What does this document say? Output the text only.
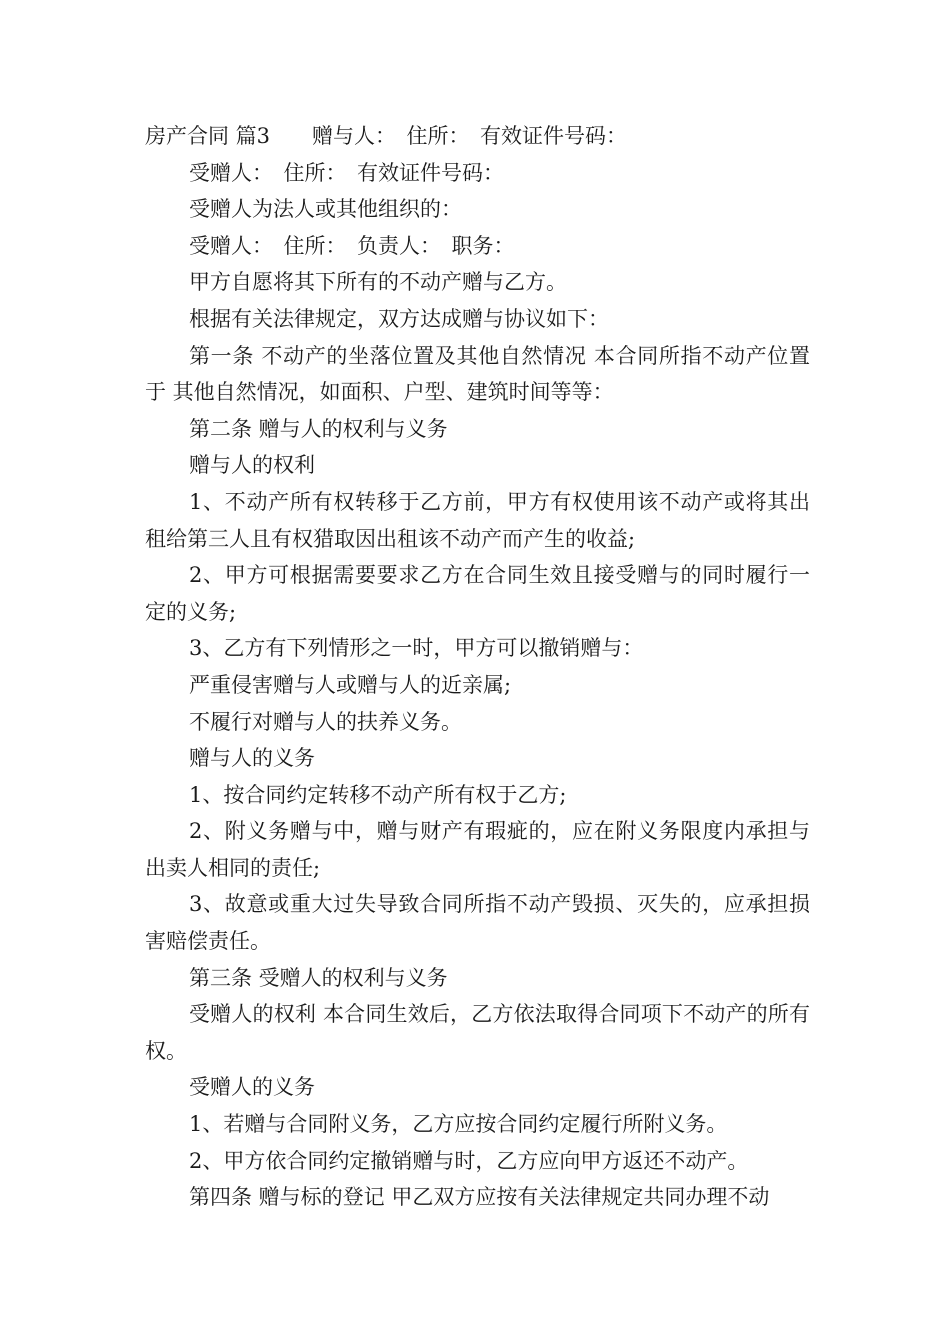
房产合同 篇3　　赠与人：　住所：　有效证件号码：

受赠人：　住所：　有效证件号码：

受赠人为法人或其他组织的：

受赠人：　住所：　负责人：　职务：

甲方自愿将其下所有的不动产赠与乙方。

根据有关法律规定，双方达成赠与协议如下：

第一条 不动产的坐落位置及其他自然情况 本合同所指不动产位置于 其他自然情况，如面积、户型、建筑时间等等：

第二条 赠与人的权利与义务

赠与人的权利

1、不动产所有权转移于乙方前，甲方有权使用该不动产或将其出租给第三人且有权猎取因出租该不动产而产生的收益;

2、甲方可根据需要要求乙方在合同生效且接受赠与的同时履行一定的义务;

3、乙方有下列情形之一时，甲方可以撤销赠与：

严重侵害赠与人或赠与人的近亲属;

不履行对赠与人的扶养义务。

赠与人的义务

1、按合同约定转移不动产所有权于乙方;

2、附义务赠与中，赠与财产有瑕疵的，应在附义务限度内承担与出卖人相同的责任;

3、故意或重大过失导致合同所指不动产毁损、灭失的，应承担损害赔偿责任。

第三条 受赠人的权利与义务

受赠人的权利 本合同生效后，乙方依法取得合同项下不动产的所有权。

受赠人的义务

1、若赠与合同附义务，乙方应按合同约定履行所附义务。

2、甲方依合同约定撤销赠与时，乙方应向甲方返还不动产。

第四条 赠与标的登记 甲乙双方应按有关法律规定共同办理不动
